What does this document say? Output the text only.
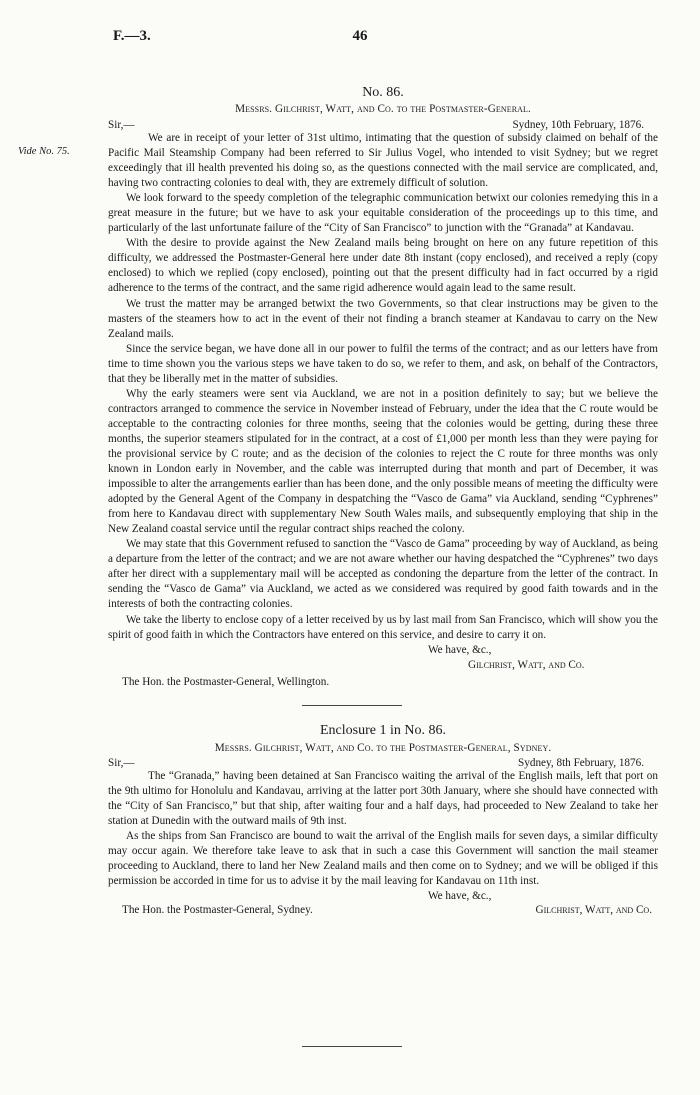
F.—3.	46
Vide No. 75.
No. 86.
Messrs. Gilchrist, Watt, and Co. to the Postmaster-General.
Sir,—	Sydney, 10th February, 1876.

We are in receipt of your letter of 31st ultimo, intimating that the question of subsidy claimed on behalf of the Pacific Mail Steamship Company had been referred to Sir Julius Vogel, who intended to visit Sydney; but we regret exceedingly that ill health prevented his doing so, as the questions connected with the mail service are complicated, and, having two contracting colonies to deal with, they are extremely difficult of solution.

We look forward to the speedy completion of the telegraphic communication betwixt our colonies remedying this in a great measure in the future; but we have to ask your equitable consideration of the proceedings up to this time, and particularly of the last unfortunate failure of the “City of San Francisco” to junction with the “Granada” at Kandavau.

With the desire to provide against the New Zealand mails being brought on here on any future repetition of this difficulty, we addressed the Postmaster-General here under date 8th instant (copy enclosed), and received a reply (copy enclosed) to which we replied (copy enclosed), pointing out that the present difficulty had in fact occurred by a rigid adherence to the terms of the contract, and the same rigid adherence would again lead to the same result.

We trust the matter may be arranged betwixt the two Governments, so that clear instructions may be given to the masters of the steamers how to act in the event of their not finding a branch steamer at Kandavau to carry on the New Zealand mails.

Since the service began, we have done all in our power to fulfil the terms of the contract; and as our letters have from time to time shown you the various steps we have taken to do so, we refer to them, and ask, on behalf of the Contractors, that they be liberally met in the matter of subsidies.

Why the early steamers were sent via Auckland, we are not in a position definitely to say; but we believe the contractors arranged to commence the service in November instead of February, under the idea that the C route would be acceptable to the contracting colonies for three months, seeing that the colonies would be getting, during these three months, the superior steamers stipulated for in the contract, at a cost of £1,000 per month less than they were paying for the provisional service by C route; and as the decision of the colonies to reject the C route for three months was only known in London early in November, and the cable was interrupted during that month and part of December, it was impossible to alter the arrangements earlier than has been done, and the only possible means of meeting the difficulty were adopted by the General Agent of the Company in despatching the “Vasco de Gama” via Auckland, sending “Cyphrenes” from here to Kandavau direct with supplementary New South Wales mails, and subsequently employing that ship in the New Zealand coastal service until the regular contract ships reached the colony.

We may state that this Government refused to sanction the “Vasco de Gama” proceeding by way of Auckland, as being a departure from the letter of the contract; and we are not aware whether our having despatched the “Cyphrenes” two days after her direct with a supplementary mail will be accepted as condoning the departure from the letter of the contract. In sending the “Vasco de Gama” via Auckland, we acted as we considered was required by good faith towards and in the interests of both the contracting colonies.

We take the liberty to enclose copy of a letter received by us by last mail from San Francisco, which will show you the spirit of good faith in which the Contractors have entered on this service, and desire to carry it on.

We have, &c.,
Gilchrist, Watt, and Co.
The Hon. the Postmaster-General, Wellington.
Enclosure 1 in No. 86.
Messrs. Gilchrist, Watt, and Co. to the Postmaster-General, Sydney.
Sir,—	Sydney, 8th February, 1876.

The “Granada,” having been detained at San Francisco waiting the arrival of the English mails, left that port on the 9th ultimo for Honolulu and Kandavau, arriving at the latter port 30th January, where she should have connected with the “City of San Francisco,” but that ship, after waiting four and a half days, had proceeded to New Zealand to take her station at Dunedin with the outward mails of 9th inst.

As the ships from San Francisco are bound to wait the arrival of the English mails for seven days, a similar difficulty may occur again. We therefore take leave to ask that in such a case this Government will sanction the mail steamer proceeding to Auckland, there to land her New Zealand mails and then come on to Sydney; and we will be obliged if this permission be accorded in time for us to advise it by the mail leaving for Kandavau on 11th inst.

We have, &c.,
The Hon. the Postmaster-General, Sydney.	Gilchrist, Watt, and Co.
